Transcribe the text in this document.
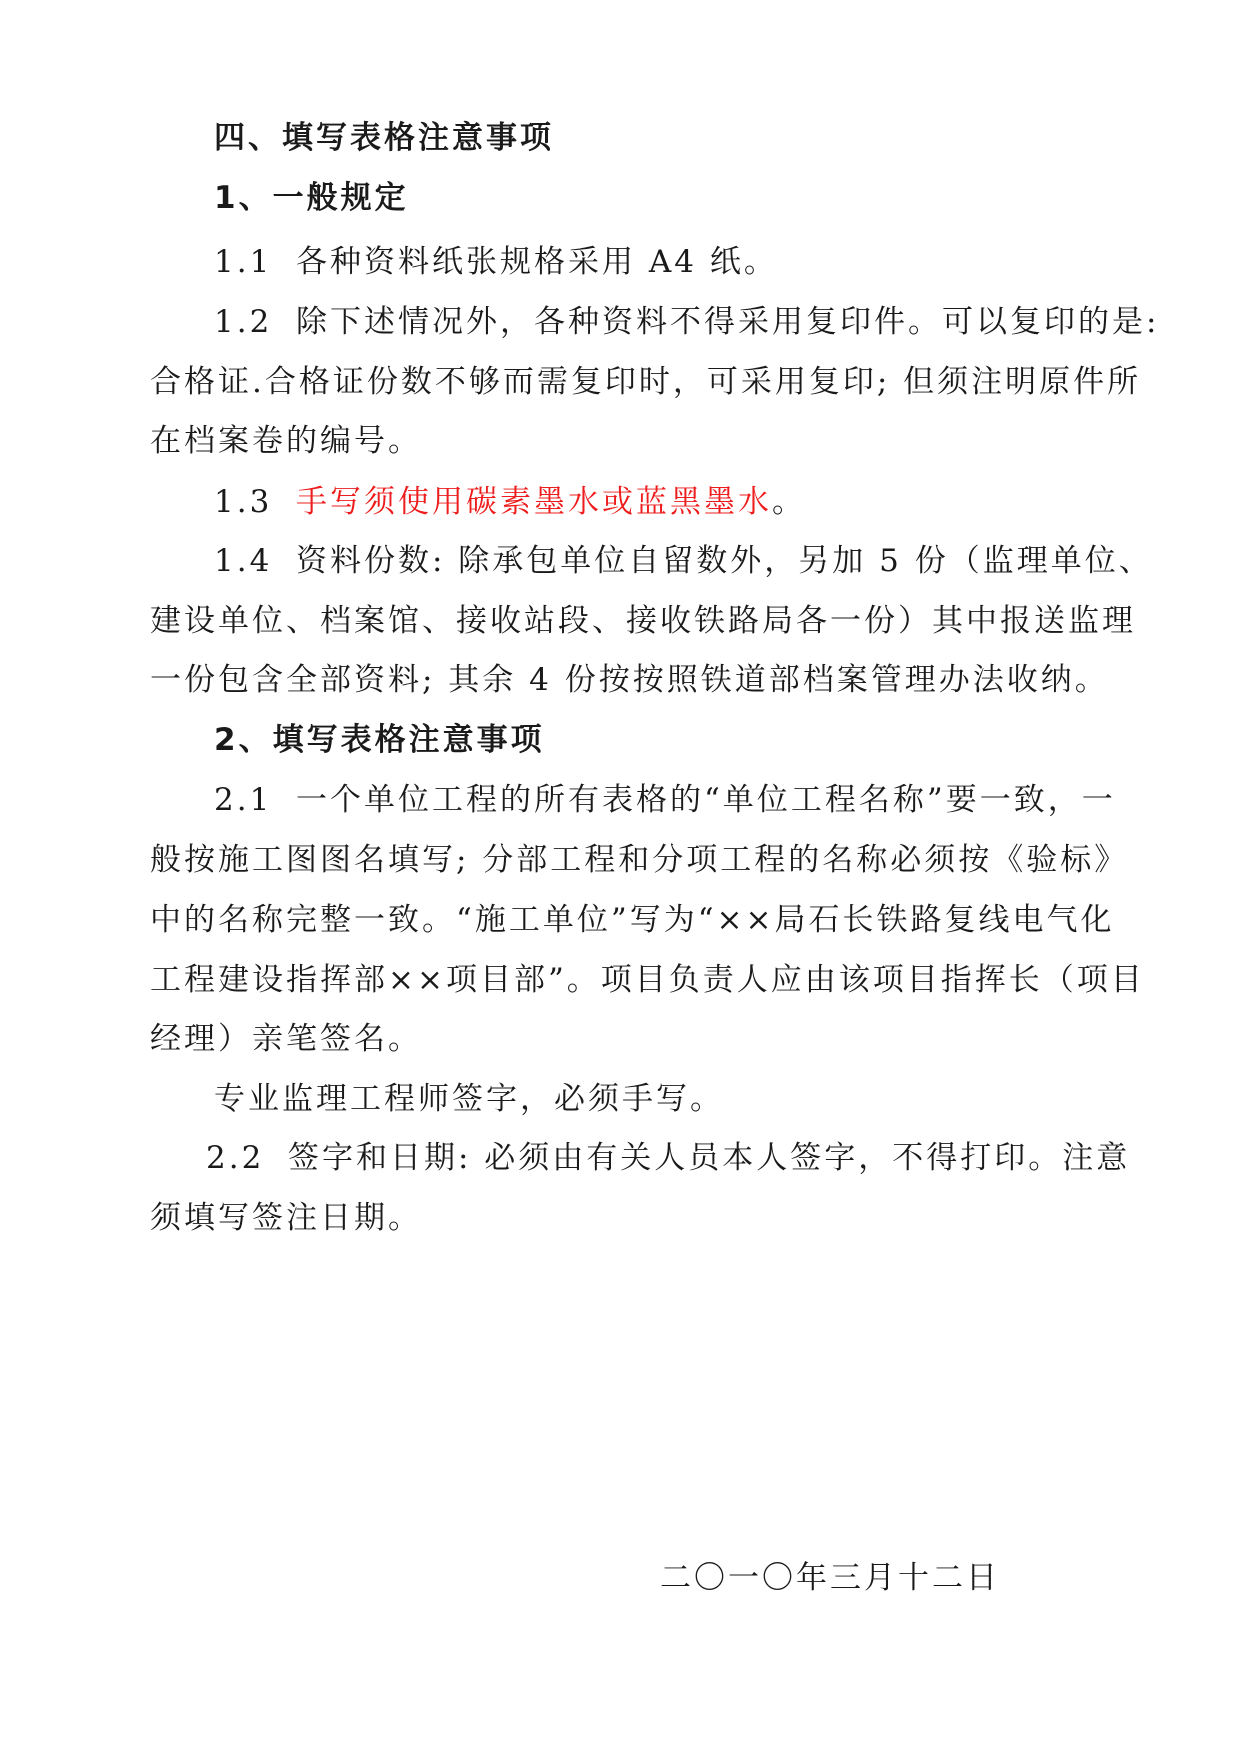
四、填写表格注意事项
1、一般规定
1.1 各种资料纸张规格采用 A4 纸。
1.2 除下述情况外，各种资料不得采用复印件。可以复印的是:
合格证.合格证份数不够而需复印时，可采用复印; 但须注明原件所
在档案卷的编号。
1.3 手写须使用碳素墨水或蓝黑墨水。
1.4 资料份数: 除承包单位自留数外，另加 5 份（监理单位、
建设单位、档案馆、接收站段、接收铁路局各一份）其中报送监理
一份包含全部资料; 其余 4 份按按照铁道部档案管理办法收纳。
2、填写表格注意事项
2.1 一个单位工程的所有表格的“单位工程名称”要一致，一
般按施工图图名填写; 分部工程和分项工程的名称必须按《验标》
中的名称完整一致。“施工单位”写为“××局石长铁路复线电气化
工程建设指挥部××项目部”。项目负责人应由该项目指挥长（项目
经理）亲笔签名。
专业监理工程师签字，必须手写。
2.2 签字和日期: 必须由有关人员本人签字，不得打印。注意
须填写签注日期。
二〇一〇年三月十二日
